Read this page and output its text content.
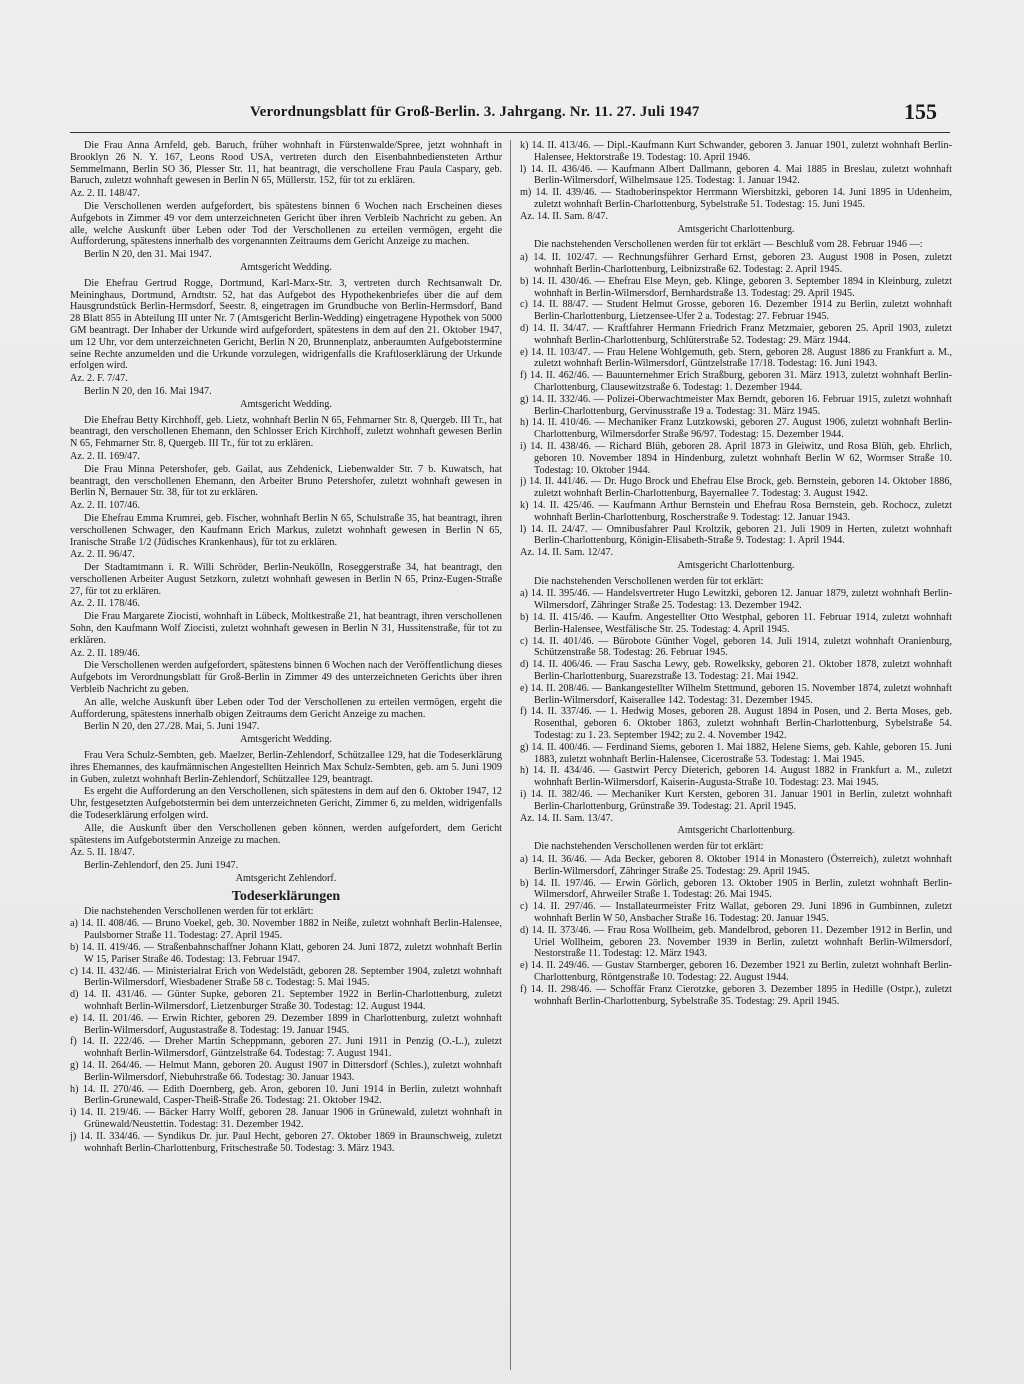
Verordnungsblatt für Groß-Berlin. 3. Jahrgang. Nr. 11. 27. Juli 1947	155

Die Frau Anna Arnfeld, geb. Baruch, früher wohnhaft in Fürstenwalde/Spree, jetzt wohnhaft in Brooklyn 26 N. Y. 167, Leons Rood USA, vertreten durch den Eisenbahnbediensteten Arthur Semmelmann, Berlin SO 36, Plesser Str. 11, hat beantragt, die verschollene Frau Paula Caspary, geb. Baruch, zuletzt wohnhaft gewesen in Berlin N 65, Müllerstr. 152, für tot zu erklären.

Az. 2. II. 148/47.

Die Verschollenen werden aufgefordert, bis spätestens binnen 6 Wochen nach Erscheinen dieses Aufgebots in Zimmer 49 vor dem unterzeichneten Gericht über ihren Verbleib Nachricht zu geben. An alle, welche Auskunft über Leben oder Tod der Verschollenen zu erteilen vermögen, ergeht die Aufforderung, spätestens innerhalb des vorgenannten Zeitraums dem Gericht Anzeige zu machen.

Berlin N 20, den 31. Mai 1947.

Amtsgericht Wedding.

Die Ehefrau Gertrud Rogge, Dortmund, Karl-Marx-Str. 3, vertreten durch Rechtsanwalt Dr. Meininghaus, Dortmund, Arndtstr. 52, hat das Aufgebot des Hypothekenbriefes über die auf dem Hausgrundstück Berlin-Hermsdorf, Seestr. 8, eingetragen im Grundbuche von Berlin-Hermsdorf, Band 28 Blatt 855 in Abteilung III unter Nr. 7 (Amtsgericht Berlin-Wedding) eingetragene Hypothek von 5000 GM beantragt. Der Inhaber der Urkunde wird aufgefordert, spätestens in dem auf den 21. Oktober 1947, um 12 Uhr, vor dem unterzeichneten Gericht, Berlin N 20, Brunnenplatz, anberaumten Aufgebotstermine seine Rechte anzumelden und die Urkunde vorzulegen, widrigenfalls die Kraftloserklärung der Urkunde erfolgen wird.

Az. 2. F. 7/47.

Berlin N 20, den 16. Mai 1947.

Amtsgericht Wedding.

Die Ehefrau Betty Kirchhoff, geb. Lietz, wohnhaft Berlin N 65, Fehmarner Str. 8, Quergeb. III Tr., hat beantragt, den verschollenen Ehemann, den Schlosser Erich Kirchhoff, zuletzt wohnhaft gewesen Berlin N 65, Fehmarner Str. 8, Quergeb. III Tr., für tot zu erklären.

Az. 2. II. 169/47.

Die Frau Minna Petershofer, geb. Gailat, aus Zehdenick, Liebenwalder Str. 7 b. Kuwatsch, hat beantragt, den verschollenen Ehemann, den Arbeiter Bruno Petershofer, zuletzt wohnhaft gewesen in Berlin N, Bernauer Str. 38, für tot zu erklären.

Az. 2. II. 107/46.

Die Ehefrau Emma Krumrei, geb. Fischer, wohnhaft Berlin N 65, Schulstraße 35, hat beantragt, ihren verschollenen Schwager, den Kaufmann Erich Markus, zuletzt wohnhaft gewesen in Berlin N 65, Iranische Straße 1/2 (Jüdisches Krankenhaus), für tot zu erklären.

Az. 2. II. 96/47.

Der Stadtamtmann i. R. Willi Schröder, Berlin-Neukölln, Roseggerstraße 34, hat beantragt, den verschollenen Arbeiter August Setzkorn, zuletzt wohnhaft gewesen in Berlin N 65, Prinz-Eugen-Straße 27, für tot zu erklären.

Az. 2. II. 178/46.

Die Frau Margarete Ziocisti, wohnhaft in Lübeck, Moltkestraße 21, hat beantragt, ihren verschollenen Sohn, den Kaufmann Wolf Ziocisti, zuletzt wohnhaft gewesen in Berlin N 31, Hussitenstraße, für tot zu erklären.

Az. 2. II. 189/46.

Die Verschollenen werden aufgefordert, spätestens binnen 6 Wochen nach der Veröffentlichung dieses Aufgebots im Verordnungsblatt für Groß-Berlin in Zimmer 49 des unterzeichneten Gerichts über ihren Verbleib Nachricht zu geben.

An alle, welche Auskunft über Leben oder Tod der Verschollenen zu erteilen vermögen, ergeht die Aufforderung, spätestens innerhalb obigen Zeitraums dem Gericht Anzeige zu machen.

Berlin N 20, den 27./28. Mai, 5. Juni 1947.

Amtsgericht Wedding.

Frau Vera Schulz-Sembten, geb. Maelzer, Berlin-Zehlendorf, Schützallee 129, hat die Todeserklärung ihres Ehemannes, des kaufmännischen Angestellten Heinrich Max Schulz-Sembten, geb. am 5. Juni 1909 in Guben, zuletzt wohnhaft Berlin-Zehlendorf, Schützallee 129, beantragt.

Es ergeht die Aufforderung an den Verschollenen, sich spätestens in dem auf den 6. Oktober 1947, 12 Uhr, festgesetzten Aufgebotstermin bei dem unterzeichneten Gericht, Zimmer 6, zu melden, widrigenfalls die Todeserklärung erfolgen wird.

Alle, die Auskunft über den Verschollenen geben können, werden aufgefordert, dem Gericht spätestens im Aufgebotstermin Anzeige zu machen.

Az. 5. II. 18/47.

Berlin-Zehlendorf, den 25. Juni 1947.

Amtsgericht Zehlendorf.

Todeserklärungen

Die nachstehenden Verschollenen werden für tot erklärt:

a) 14. II. 408/46. — Bruno Voekel, geb. 30. November 1882 in Neiße, zuletzt wohnhaft Berlin-Halensee, Paulsborner Straße 11. Todestag: 27. April 1945.

b) 14. II. 419/46. — Straßenbahnschaffner Johann Klatt, geboren 24. Juni 1872, zuletzt wohnhaft Berlin W 15, Pariser Straße 46. Todestag: 13. Februar 1947.

c) 14. II. 432/46. — Ministerialrat Erich von Wedelstädt, geboren 28. September 1904, zuletzt wohnhaft Berlin-Wilmersdorf, Wiesbadener Straße 58 c. Todestag: 5. Mai 1945.

d) 14. II. 431/46. — Günter Supke, geboren 21. September 1922 in Berlin-Charlottenburg, zuletzt wohnhaft Berlin-Wilmersdorf, Lietzenburger Straße 30. Todestag: 12. August 1944.

e) 14. II. 201/46. — Erwin Richter, geboren 29. Dezember 1899 in Charlottenburg, zuletzt wohnhaft Berlin-Wilmersdorf, Augustastraße 8. Todestag: 19. Januar 1945.

f) 14. II. 222/46. — Dreher Martin Scheppmann, geboren 27. Juni 1911 in Penzig (O.-L.), zuletzt wohnhaft Berlin-Wilmersdorf, Güntzelstraße 64. Todestag: 7. August 1941.

g) 14. II. 264/46. — Helmut Mann, geboren 20. August 1907 in Dittersdorf (Schles.), zuletzt wohnhaft Berlin-Wilmersdorf, Niebuhrstraße 66. Todestag: 30. Januar 1943.

h) 14. II. 270/46. — Edith Doernberg, geb. Aron, geboren 10. Juni 1914 in Berlin, zuletzt wohnhaft Berlin-Grunewald, Casper-Theiß-Straße 26. Todestag: 21. Oktober 1942.

i) 14. II. 219/46. — Bäcker Harry Wolff, geboren 28. Januar 1906 in Grünewald, zuletzt wohnhaft in Grünewald/Neustettin. Todestag: 31. Dezember 1942.

j) 14. II. 334/46. — Syndikus Dr. jur. Paul Hecht, geboren 27. Oktober 1869 in Braunschweig, zuletzt wohnhaft Berlin-Charlottenburg, Fritschestraße 50. Todestag: 3. März 1943.

k) 14. II. 413/46. — Dipl.-Kaufmann Kurt Schwander, geboren 3. Januar 1901, zuletzt wohnhaft Berlin-Halensee, Hektorstraße 19. Todestag: 10. April 1946.

l) 14. II. 436/46. — Kaufmann Albert Dallmann, geboren 4. Mai 1885 in Breslau, zuletzt wohnhaft Berlin-Wilmersdorf, Wilhelmsaue 125. Todestag: 1. Januar 1942.

m) 14. II. 439/46. — Stadtoberinspektor Herrmann Wiersbitzki, geboren 14. Juni 1895 in Udenheim, zuletzt wohnhaft Berlin-Charlottenburg, Sybelstraße 51. Todestag: 15. Juni 1945.

Az. 14. II. Sam. 8/47.

Amtsgericht Charlottenburg.

Die nachstehenden Verschollenen werden für tot erklärt — Beschluß vom 28. Februar 1946 —:

a) 14. II. 102/47. — Rechnungsführer Gerhard Ernst, geboren 23. August 1908 in Posen, zuletzt wohnhaft Berlin-Charlottenburg, Leibnizstraße 62. Todestag: 2. April 1945.

b) 14. II. 430/46. — Ehefrau Else Meyn, geb. Klinge, geboren 3. September 1894 in Kleinburg, zuletzt wohnhaft in Berlin-Wilmersdorf, Bernhardstraße 13. Todestag: 29. April 1945.

c) 14. II. 88/47. — Student Helmut Grosse, geboren 16. Dezember 1914 zu Berlin, zuletzt wohnhaft Berlin-Charlottenburg, Lietzensee-Ufer 2 a. Todestag: 27. Februar 1945.

d) 14. II. 34/47. — Kraftfahrer Hermann Friedrich Franz Metzmaier, geboren 25. April 1903, zuletzt wohnhaft Berlin-Charlottenburg, Schlüterstraße 52. Todestag: 29. März 1944.

e) 14. II. 103/47. — Frau Helene Wohlgemuth, geb. Stern, geboren 28. August 1886 zu Frankfurt a. M., zuletzt wohnhaft Berlin-Wilmersdorf, Güntzelstraße 17/18. Todestag: 16. Juni 1943.

f) 14. II. 462/46. — Bauunternehmer Erich Straßburg, geboren 31. März 1913, zuletzt wohnhaft Berlin-Charlottenburg, Clausewitzstraße 6. Todestag: 1. Dezember 1944.

g) 14. II. 332/46. — Polizei-Oberwachtmeister Max Berndt, geboren 16. Februar 1915, zuletzt wohnhaft Berlin-Charlottenburg, Gervinusstraße 19 a. Todestag: 31. März 1945.

h) 14. II. 410/46. — Mechaniker Franz Lutzkowski, geboren 27. August 1906, zuletzt wohnhaft Berlin-Charlottenburg, Wilmersdorfer Straße 96/97. Todestag: 15. Dezember 1944.

i) 14. II. 438/46. — Richard Blüh, geboren 28. April 1873 in Gleiwitz, und Rosa Blüh, geb. Ehrlich, geboren 10. November 1894 in Hindenburg, zuletzt wohnhaft Berlin W 62, Wormser Straße 10. Todestag: 10. Oktober 1944.

j) 14. II. 441/46. — Dr. Hugo Brock und Ehefrau Else Brock, geb. Bernstein, geboren 14. Oktober 1886, zuletzt wohnhaft Berlin-Charlottenburg, Bayernallee 7. Todestag: 3. August 1942.

k) 14. II. 425/46. — Kaufmann Arthur Bernstein und Ehefrau Rosa Bernstein, geb. Rochocz, zuletzt wohnhaft Berlin-Charlottenburg, Roscherstraße 9. Todestag: 12. Januar 1943.

l) 14. II. 24/47. — Omnibusfahrer Paul Kroltzik, geboren 21. Juli 1909 in Herten, zuletzt wohnhaft Berlin-Charlottenburg, Königin-Elisabeth-Straße 9. Todestag: 1. April 1944.

Az. 14. II. Sam. 12/47.

Amtsgericht Charlottenburg.

Die nachstehenden Verschollenen werden für tot erklärt:

a) 14. II. 395/46. — Handelsvertreter Hugo Lewitzki, geboren 12. Januar 1879, zuletzt wohnhaft Berlin-Wilmersdorf, Zähringer Straße 25. Todestag: 13. Dezember 1942.

b) 14. II. 415/46. — Kaufm. Angestellter Otto Westphal, geboren 11. Februar 1914, zuletzt wohnhaft Berlin-Halensee, Westfälische Str. 25. Todestag: 4. April 1945.

c) 14. II. 401/46. — Bürobote Günther Vogel, geboren 14. Juli 1914, zuletzt wohnhaft Oranienburg, Schützenstraße 58. Todestag: 26. Februar 1945.

d) 14. II. 406/46. — Frau Sascha Lewy, geb. Rowelksky, geboren 21. Oktober 1878, zuletzt wohnhaft Berlin-Charlottenburg, Suarezstraße 13. Todestag: 21. Mai 1942.

e) 14. II. 208/46. — Bankangestellter Wilhelm Stettmund, geboren 15. November 1874, zuletzt wohnhaft Berlin-Wilmersdorf, Kaiserallee 142. Todestag: 31. Dezember 1945.

f) 14. II. 337/46. — 1. Hedwig Moses, geboren 28. August 1894 in Posen, und 2. Berta Moses, geb. Rosenthal, geboren 6. Oktober 1863, zuletzt wohnhaft Berlin-Charlottenburg, Sybelstraße 54. Todestag: zu 1. 23. September 1942; zu 2. 4. November 1942.

g) 14. II. 400/46. — Ferdinand Siems, geboren 1. Mai 1882, Helene Siems, geb. Kahle, geboren 15. Juni 1883, zuletzt wohnhaft Berlin-Halensee, Cicerostraße 53. Todestag: 1. Mai 1945.

h) 14. II. 434/46. — Gastwirt Percy Dieterich, geboren 14. August 1882 in Frankfurt a. M., zuletzt wohnhaft Berlin-Wilmersdorf, Kaiserin-Augusta-Straße 10. Todestag: 23. Mai 1945.

i) 14. II. 382/46. — Mechaniker Kurt Kersten, geboren 31. Januar 1901 in Berlin, zuletzt wohnhaft Berlin-Charlottenburg, Grünstraße 39. Todestag: 21. April 1945.

Az. 14. II. Sam. 13/47.

Amtsgericht Charlottenburg.

Die nachstehenden Verschollenen werden für tot erklärt:

a) 14. II. 36/46. — Ada Becker, geboren 8. Oktober 1914 in Monastero (Österreich), zuletzt wohnhaft Berlin-Wilmersdorf, Zähringer Straße 25. Todestag: 29. April 1945.

b) 14. II. 197/46. — Erwin Görlich, geboren 13. Oktober 1905 in Berlin, zuletzt wohnhaft Berlin-Wilmersdorf, Ahrweiler Straße 1. Todestag: 26. Mai 1945.

c) 14. II. 297/46. — Installateurmeister Fritz Wallat, geboren 29. Juni 1896 in Gumbinnen, zuletzt wohnhaft Berlin W 50, Ansbacher Straße 16. Todestag: 20. Januar 1945.

d) 14. II. 373/46. — Frau Rosa Wollheim, geb. Mandelbrod, geboren 11. Dezember 1912 in Berlin, und Uriel Wollheim, geboren 23. November 1939 in Berlin, zuletzt wohnhaft Berlin-Wilmersdorf, Nestorstraße 11. Todestag: 12. März 1943.

e) 14. II. 249/46. — Gustav Starnberger, geboren 16. Dezember 1921 zu Berlin, zuletzt wohnhaft Berlin-Charlottenburg, Röntgenstraße 10. Todestag: 22. August 1944.

f) 14. II. 298/46. — Schoffär Franz Cierotzke, geboren 3. Dezember 1895 in Hedille (Ostpr.), zuletzt wohnhaft Berlin-Charlottenburg, Sybelstraße 35. Todestag: 29. April 1945.
